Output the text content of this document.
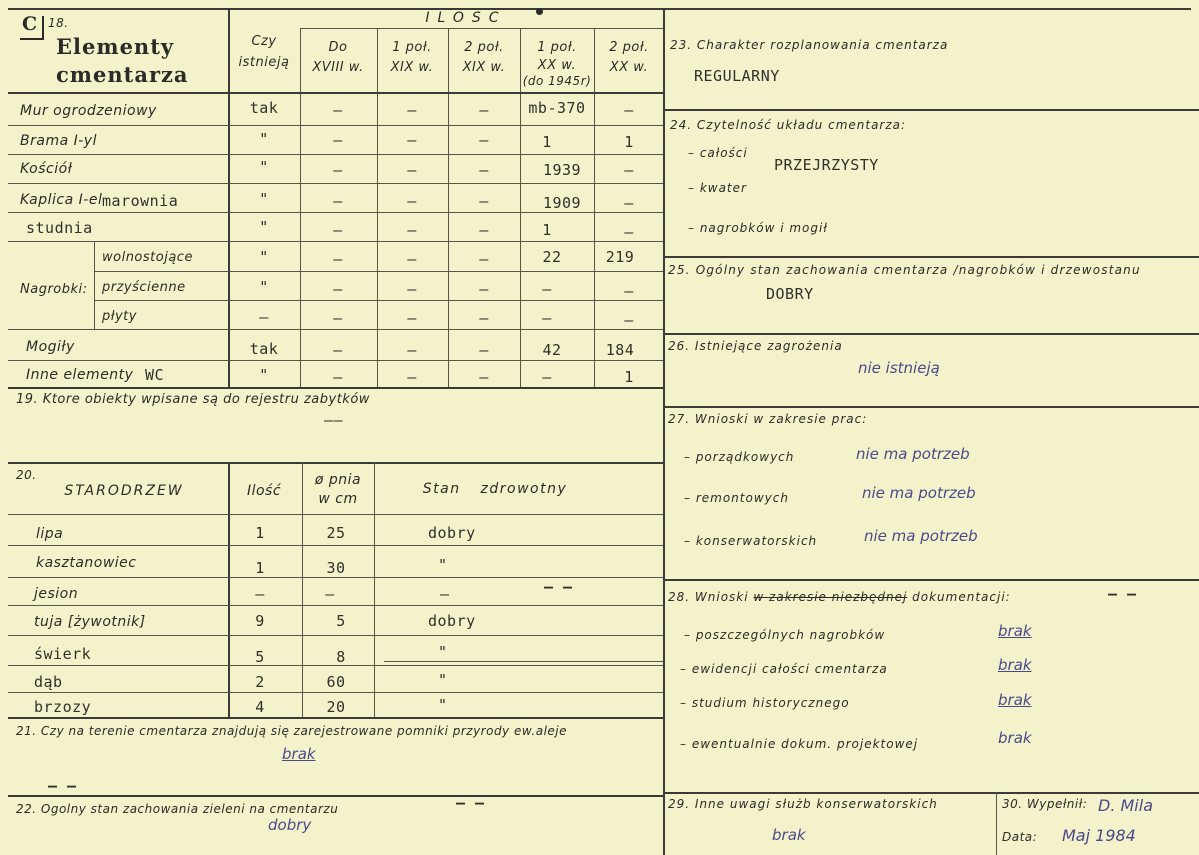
C 18.
Elementy
cmentarza
Czy
istnieją
ILOSC
Do
XVIII w.
1 poł.
XIX w.
2 poł.
XIX w.
1 poł.
XX w.
(do 1945r)
2 poł.
XX w.
Mur ogrodzeniowy	tak	–	–	–	mb-370	–
Brama I-yl	"	–	–	–	1	1
Kościół	"	–	–	–	1939	–
Kaplica I-el marownia	"	–	–	–	1909	–
studnia	"	–	–	–	1	–
Nagrobki:
wolnostojące	"	–	–	–	22	219
przyścienne	"	–	–	–	–	–
płyty	–	–	–	–	–	–
Mogiły	tak	–	–	–	42	184
Inne elementy WC	"	–	–	–	–	1
19. Ktore obiekty wpisane są do rejestru zabytków
——
20.
STARODRZEW	Ilość
ø pnia
w cm
Stan zdrowotny
lipa	1	25	dobry
kasztanowiec	1	30	"
jesion	–	–	–	— —
tuja [żywotnik]	9	5	dobry
świerk	5	8	"
dąb	2	60	"
brzozy	4	20	"
21. Czy na terenie cmentarza znajdują się zarejestrowane pomniki przyrody ew.aleje
brak
— —
22. Ogolny stan zachowania zieleni na cmentarzu	— —
dobry
23. Charakter rozplanowania cmentarza
REGULARNY
24. Czytelność układu cmentarza:
– całości
PRZEJRZYSTY
– kwater
– nagrobków i mogił
25. Ogólny stan zachowania cmentarza /nagrobków i drzewostanu
DOBRY
26. Istniejące zagrożenia
nie istnieją
27. Wnioski w zakresie prac:
– porządkowych	nie ma potrzeb
– remontowych	nie ma potrzeb
– konserwatorskich	nie ma potrzeb
28. Wnioski w zakresie niezbędnej dokumentacji:	— —
– poszczególnych nagrobków	brak
– ewidencji całości cmentarza	brak
– studium historycznego	brak
– ewentualnie dokum. projektowej	brak
29. Inne uwagi służb konserwatorskich
brak
30. Wypełnił: D. Mila
Data: Maj 1984
